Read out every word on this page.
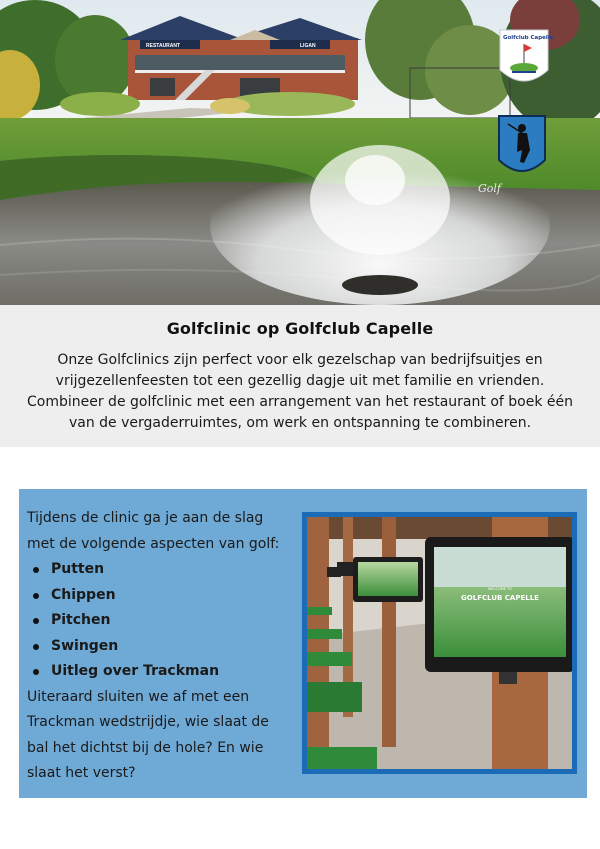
RESTAURANT	LIGAN
Golfclub Capelle
Golf
Golfclinic op Golfclub Capelle

Onze Golfclinics zijn perfect voor elk gezelschap van bedrijfsuitjes en
vrijgezellenfeesten tot een gezellig dagje uit met familie en vrienden.
Combineer de golfclinic met een arrangement van het restaurant of boek één
van de vergaderruimtes, om werk en ontspanning te combineren.

Tijdens de clinic ga je aan de slag
met de volgende aspecten van golf:
Putten
Chippen
Pitchen
Swingen
Uitleg over Trackman
Uiteraard sluiten we af met een
Trackman wedstrijdje, wie slaat de
bal het dichtst bij de hole? En wie
slaat het verst?
WELCOME TO
GOLFCLUB CAPELLE
